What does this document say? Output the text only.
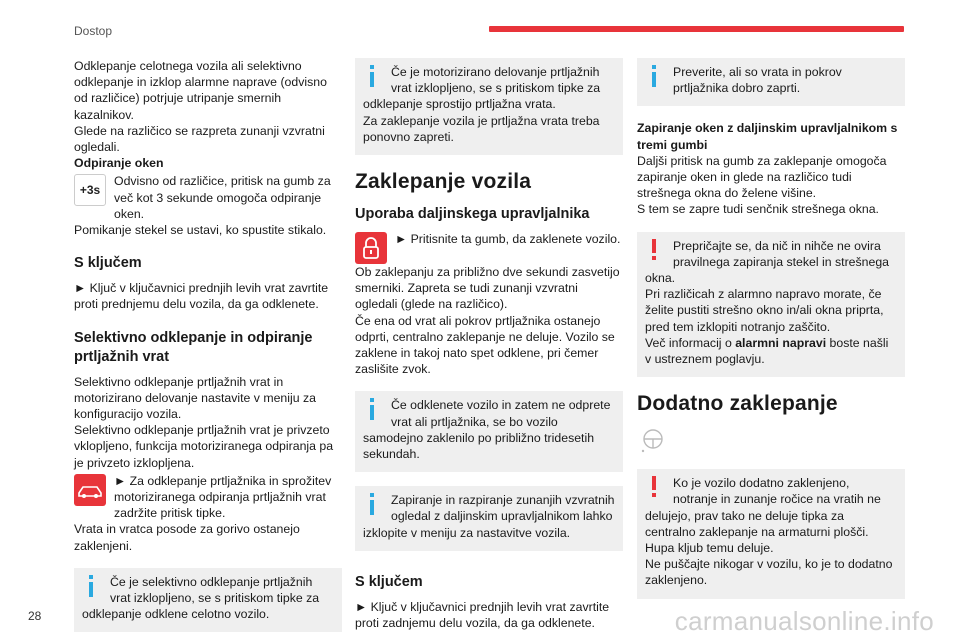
Dostop

Odklepanje celotnega vozila ali selektivno odklepanje in izklop alarmne naprave (odvisno od različice) potrjuje utripanje smernih kazalnikov.

Glede na različico se razpreta zunanji vzvratni ogledali.

Odpiranje oken

+3s

Odvisno od različice, pritisk na gumb za več kot 3 sekunde omogoča odpiranje oken.

Pomikanje stekel se ustavi, ko spustite stikalo.

S ključem

► Ključ v ključavnici prednjih levih vrat zavrtite proti prednjemu delu vozila, da ga odklenete.

Selektivno odklepanje in odpiranje prtljažnih vrat

Selektivno odklepanje prtljažnih vrat in motorizirano delovanje nastavite v meniju za konfiguracijo vozila.

Selektivno odklepanje prtljažnih vrat je privzeto vklopljeno, funkcija motoriziranega odpiranja pa je privzeto izklopljena.

► Za odklepanje prtljažnika in sprožitev motoriziranega odpiranja prtljažnih vrat zadržite pritisk tipke.

Vrata in vratca posode za gorivo ostanejo zaklenjeni.

Če je selektivno odklepanje prtljažnih vrat izklopljeno, se s pritiskom tipke za odklepanje odklene celotno vozilo.

Če je motorizirano delovanje prtljažnih vrat izklopljeno, se s pritiskom tipke za odklepanje sprostijo prtljažna vrata.

Za zaklepanje vozila je prtljažna vrata treba ponovno zapreti.

Zaklepanje vozila
Uporaba daljinskega upravljalnika

► Pritisnite ta gumb, da zaklenete vozilo.

Ob zaklepanju za približno dve sekundi zasvetijo smerniki. Zapreta se tudi zunanji vzvratni ogledali (glede na različico).

Če ena od vrat ali pokrov prtljažnika ostanejo odprti, centralno zaklepanje ne deluje. Vozilo se zaklene in takoj nato spet odklene, pri čemer zaslišite zvok.

Če odklenete vozilo in zatem ne odprete vrat ali prtljažnika, se bo vozilo samodejno zaklenilo po približno tridesetih sekundah.

Zapiranje in razpiranje zunanjih vzvratnih ogledal z daljinskim upravljalnikom lahko izklopite v meniju za nastavitve vozila.

S ključem

► Ključ v ključavnici prednjih levih vrat zavrtite proti zadnjemu delu vozila, da ga odklenete.

Preverite, ali so vrata in pokrov prtljažnika dobro zaprti.

Zapiranje oken z daljinskim upravljalnikom s tremi gumbi

Daljši pritisk na gumb za zaklepanje omogoča zapiranje oken in glede na različico tudi strešnega okna do želene višine.

S tem se zapre tudi senčnik strešnega okna.

Prepričajte se, da nič in nihče ne ovira pravilnega zapiranja stekel in strešnega okna.

Pri različicah z alarmno napravo morate, če želite pustiti strešno okno in/ali okna priprta, pred tem izklopiti notranjo zaščito.

Več informacij o alarmni napravi boste našli v ustreznem poglavju.

Dodatno zaklepanje

Ko je vozilo dodatno zaklenjeno, notranje in zunanje ročice na vratih ne delujejo, prav tako ne deluje tipka za centralno zaklepanje na armaturni plošči.

Hupa kljub temu deluje.

Ne puščajte nikogar v vozilu, ko je to dodatno zaklenjeno.

28	carmanualsonline.info
